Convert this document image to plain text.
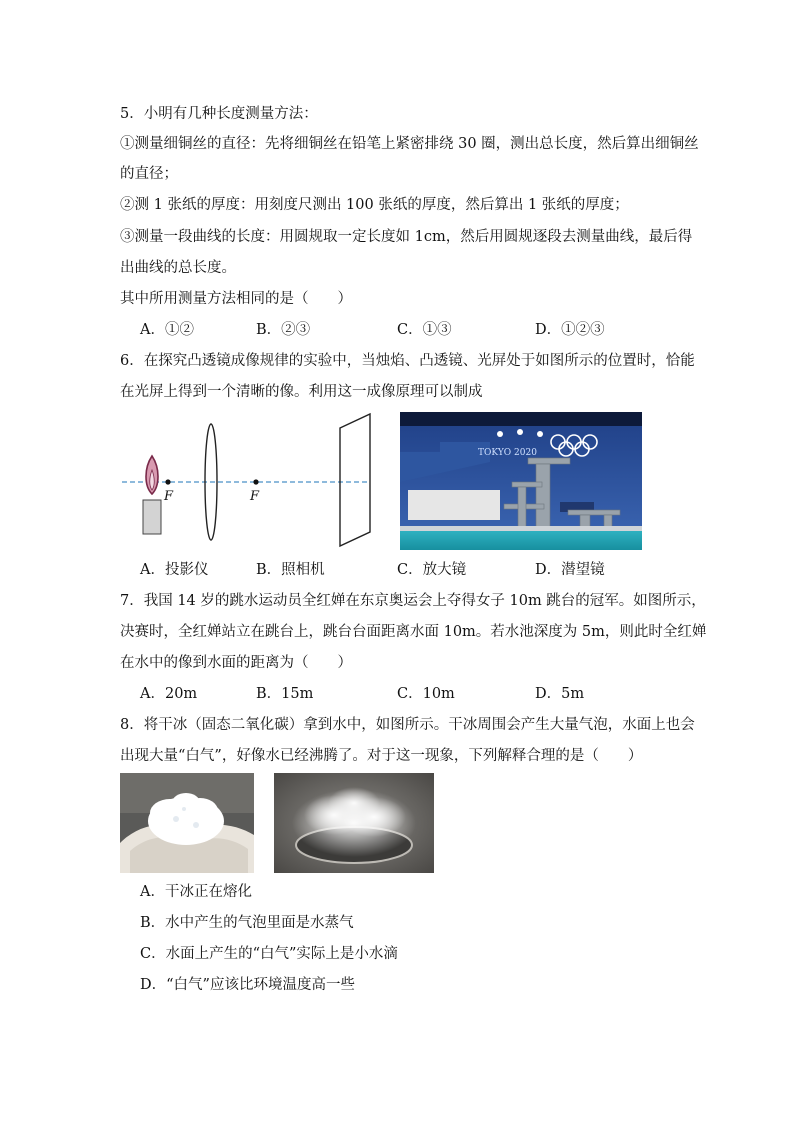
5．小明有几种长度测量方法：
①测量细铜丝的直径：先将细铜丝在铅笔上紧密排绕 30 圈，测出总长度，然后算出细铜丝
的直径；
②测 1 张纸的厚度：用刻度尺测出 100 张纸的厚度，然后算出 1 张纸的厚度；
③测量一段曲线的长度：用圆规取一定长度如 1cm，然后用圆规逐段去测量曲线，最后得
出曲线的总长度。
其中所用测量方法相同的是（　　）
A．①②	B．②③	C．①③	D．①②③
6．在探究凸透镜成像规律的实验中，当烛焰、凸透镜、光屏处于如图所示的位置时，恰能
在光屏上得到一个清晰的像。利用这一成像原理可以制成
F	F
TOKYO 2020
A．投影仪	B．照相机	C．放大镜	D．潜望镜
7．我国 14 岁的跳水运动员全红婵在东京奥运会上夺得女子 10m 跳台的冠军。如图所示，
决赛时，全红婵站立在跳台上，跳台台面距离水面 10m。若水池深度为 5m，则此时全红婵
在水中的像到水面的距离为（　　）
A．20m	B．15m	C．10m	D．5m
8．将干冰（固态二氧化碳）拿到水中，如图所示。干冰周围会产生大量气泡，水面上也会
出现大量“白气”，好像水已经沸腾了。对于这一现象，下列解释合理的是（　　）
A．干冰正在熔化
B．水中产生的气泡里面是水蒸气
C．水面上产生的“白气”实际上是小水滴
D．“白气”应该比环境温度高一些
